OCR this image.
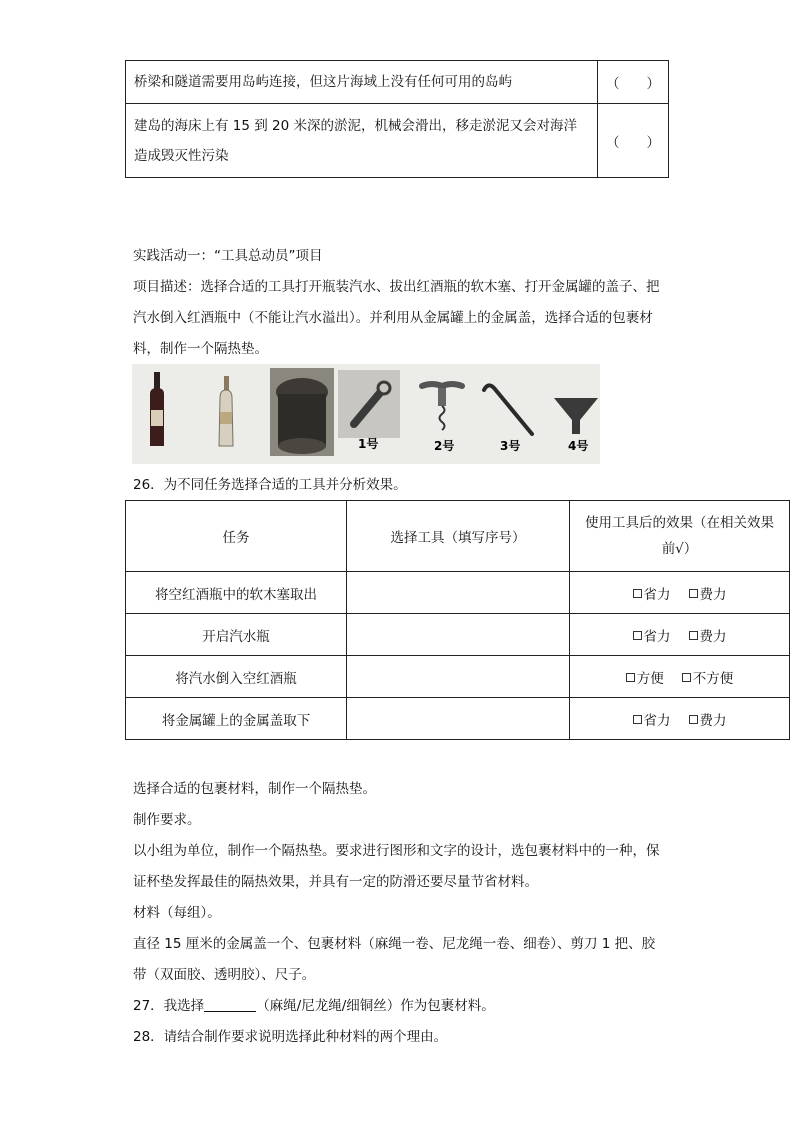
桥梁和隧道需要用岛屿连接，但这片海域上没有任何可用的岛屿	（　　）
建岛的海床上有 15 到 20 米深的淤泥，机械会滑出，移走淤泥又会对海洋造成毁灭性污染	（　　）
实践活动一：“工具总动员”项目
项目描述：选择合适的工具打开瓶装汽水、拔出红酒瓶的软木塞、打开金属罐的盖子、把汽水倒入红酒瓶中（不能让汽水溢出）。并利用从金属罐上的金属盖，选择合适的包裹材料，制作一个隔热垫。
1号	2号	3号	4号
26．为不同任务选择合适的工具并分析效果。
任务	选择工具（填写序号）	使用工具后的效果（在相关效果前√）
将空红酒瓶中的软木塞取出		省力 费力
开启汽水瓶		省力 费力
将汽水倒入空红酒瓶		方便 不方便
将金属罐上的金属盖取下		省力 费力
选择合适的包裹材料，制作一个隔热垫。
制作要求。
以小组为单位，制作一个隔热垫。要求进行图形和文字的设计，选包裹材料中的一种，保证杯垫发挥最佳的隔热效果，并具有一定的防滑还要尽量节省材料。
材料（每组）。
直径 15 厘米的金属盖一个、包裹材料（麻绳一卷、尼龙绳一卷、细卷）、剪刀 1 把、胶带（双面胶、透明胶）、尺子。
27．我选择	（麻绳/尼龙绳/细铜丝）作为包裹材料。
28．请结合制作要求说明选择此种材料的两个理由。
